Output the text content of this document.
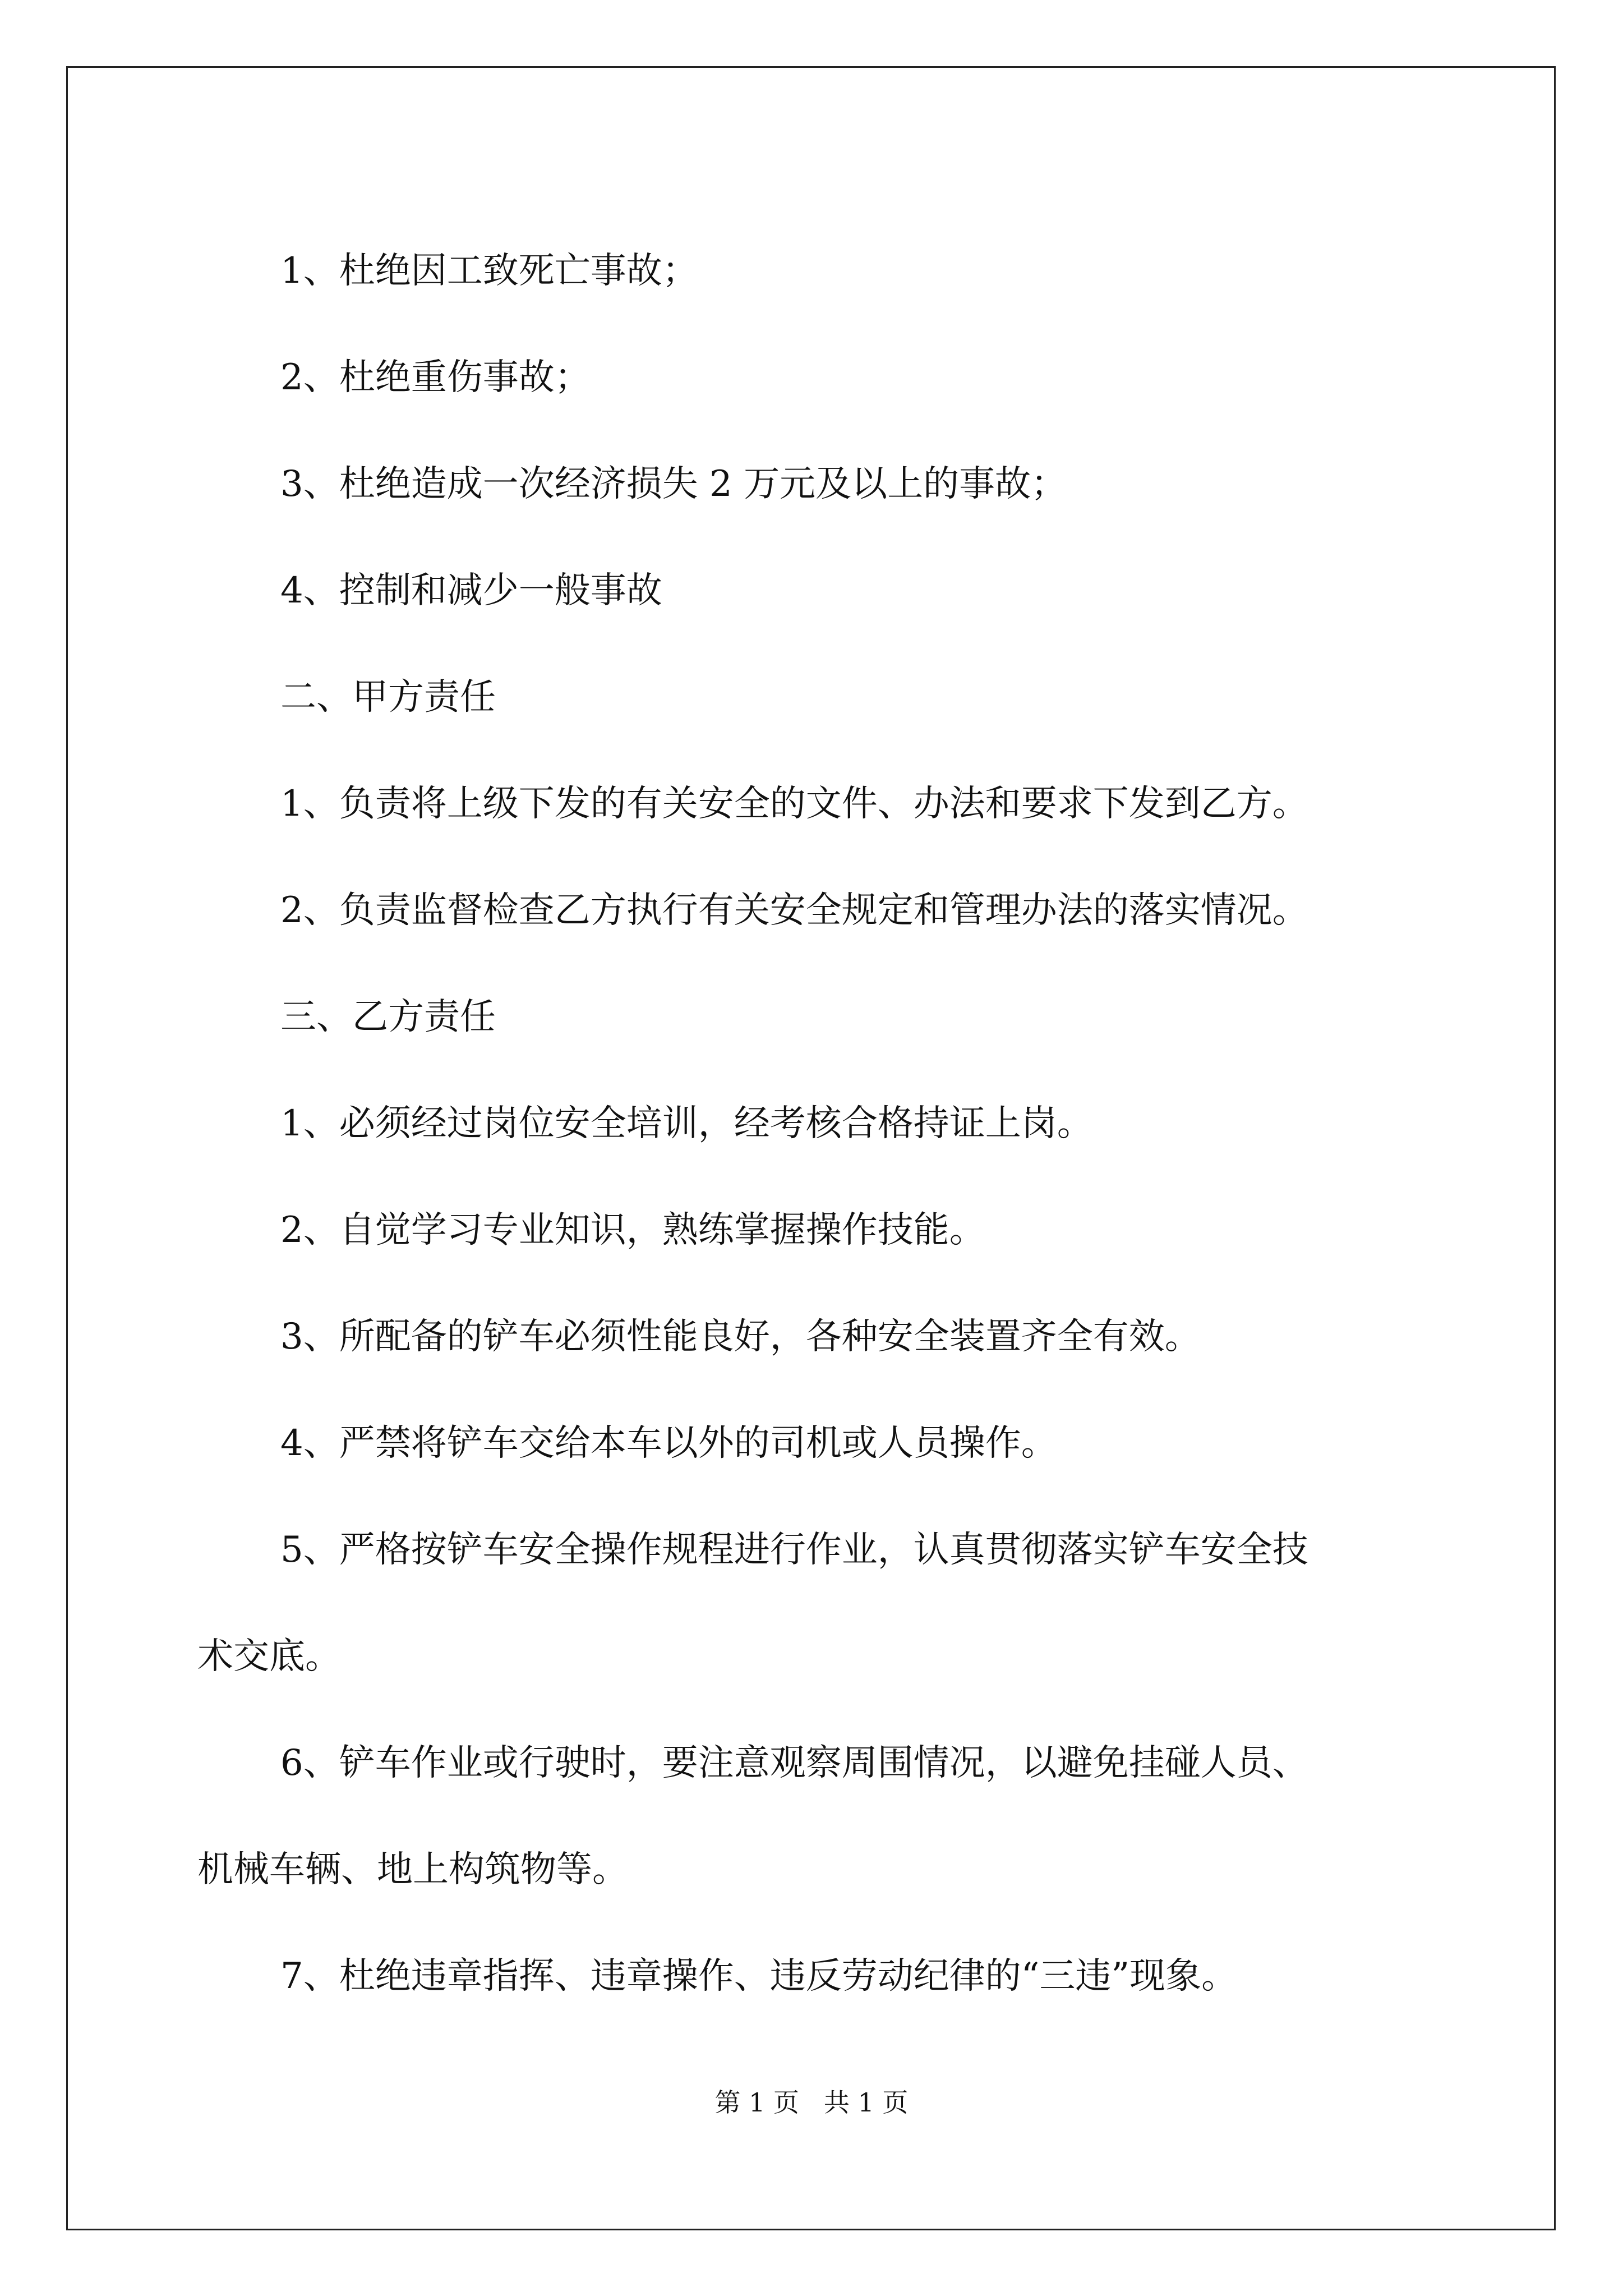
1、杜绝因工致死亡事故；

2、杜绝重伤事故；

3、杜绝造成一次经济损失 2 万元及以上的事故；

4、控制和减少一般事故

二、甲方责任

1、负责将上级下发的有关安全的文件、办法和要求下发到乙方。

2、负责监督检查乙方执行有关安全规定和管理办法的落实情况。

三、乙方责任

1、必须经过岗位安全培训，经考核合格持证上岗。

2、自觉学习专业知识，熟练掌握操作技能。

3、所配备的铲车必须性能良好，各种安全装置齐全有效。

4、严禁将铲车交给本车以外的司机或人员操作。

5、严格按铲车安全操作规程进行作业，认真贯彻落实铲车安全技

术交底。

6、铲车作业或行驶时，要注意观察周围情况，以避免挂碰人员、

机械车辆、地上构筑物等。

7、杜绝违章指挥、违章操作、违反劳动纪律的“三违”现象。

第 1 页   共 1 页
